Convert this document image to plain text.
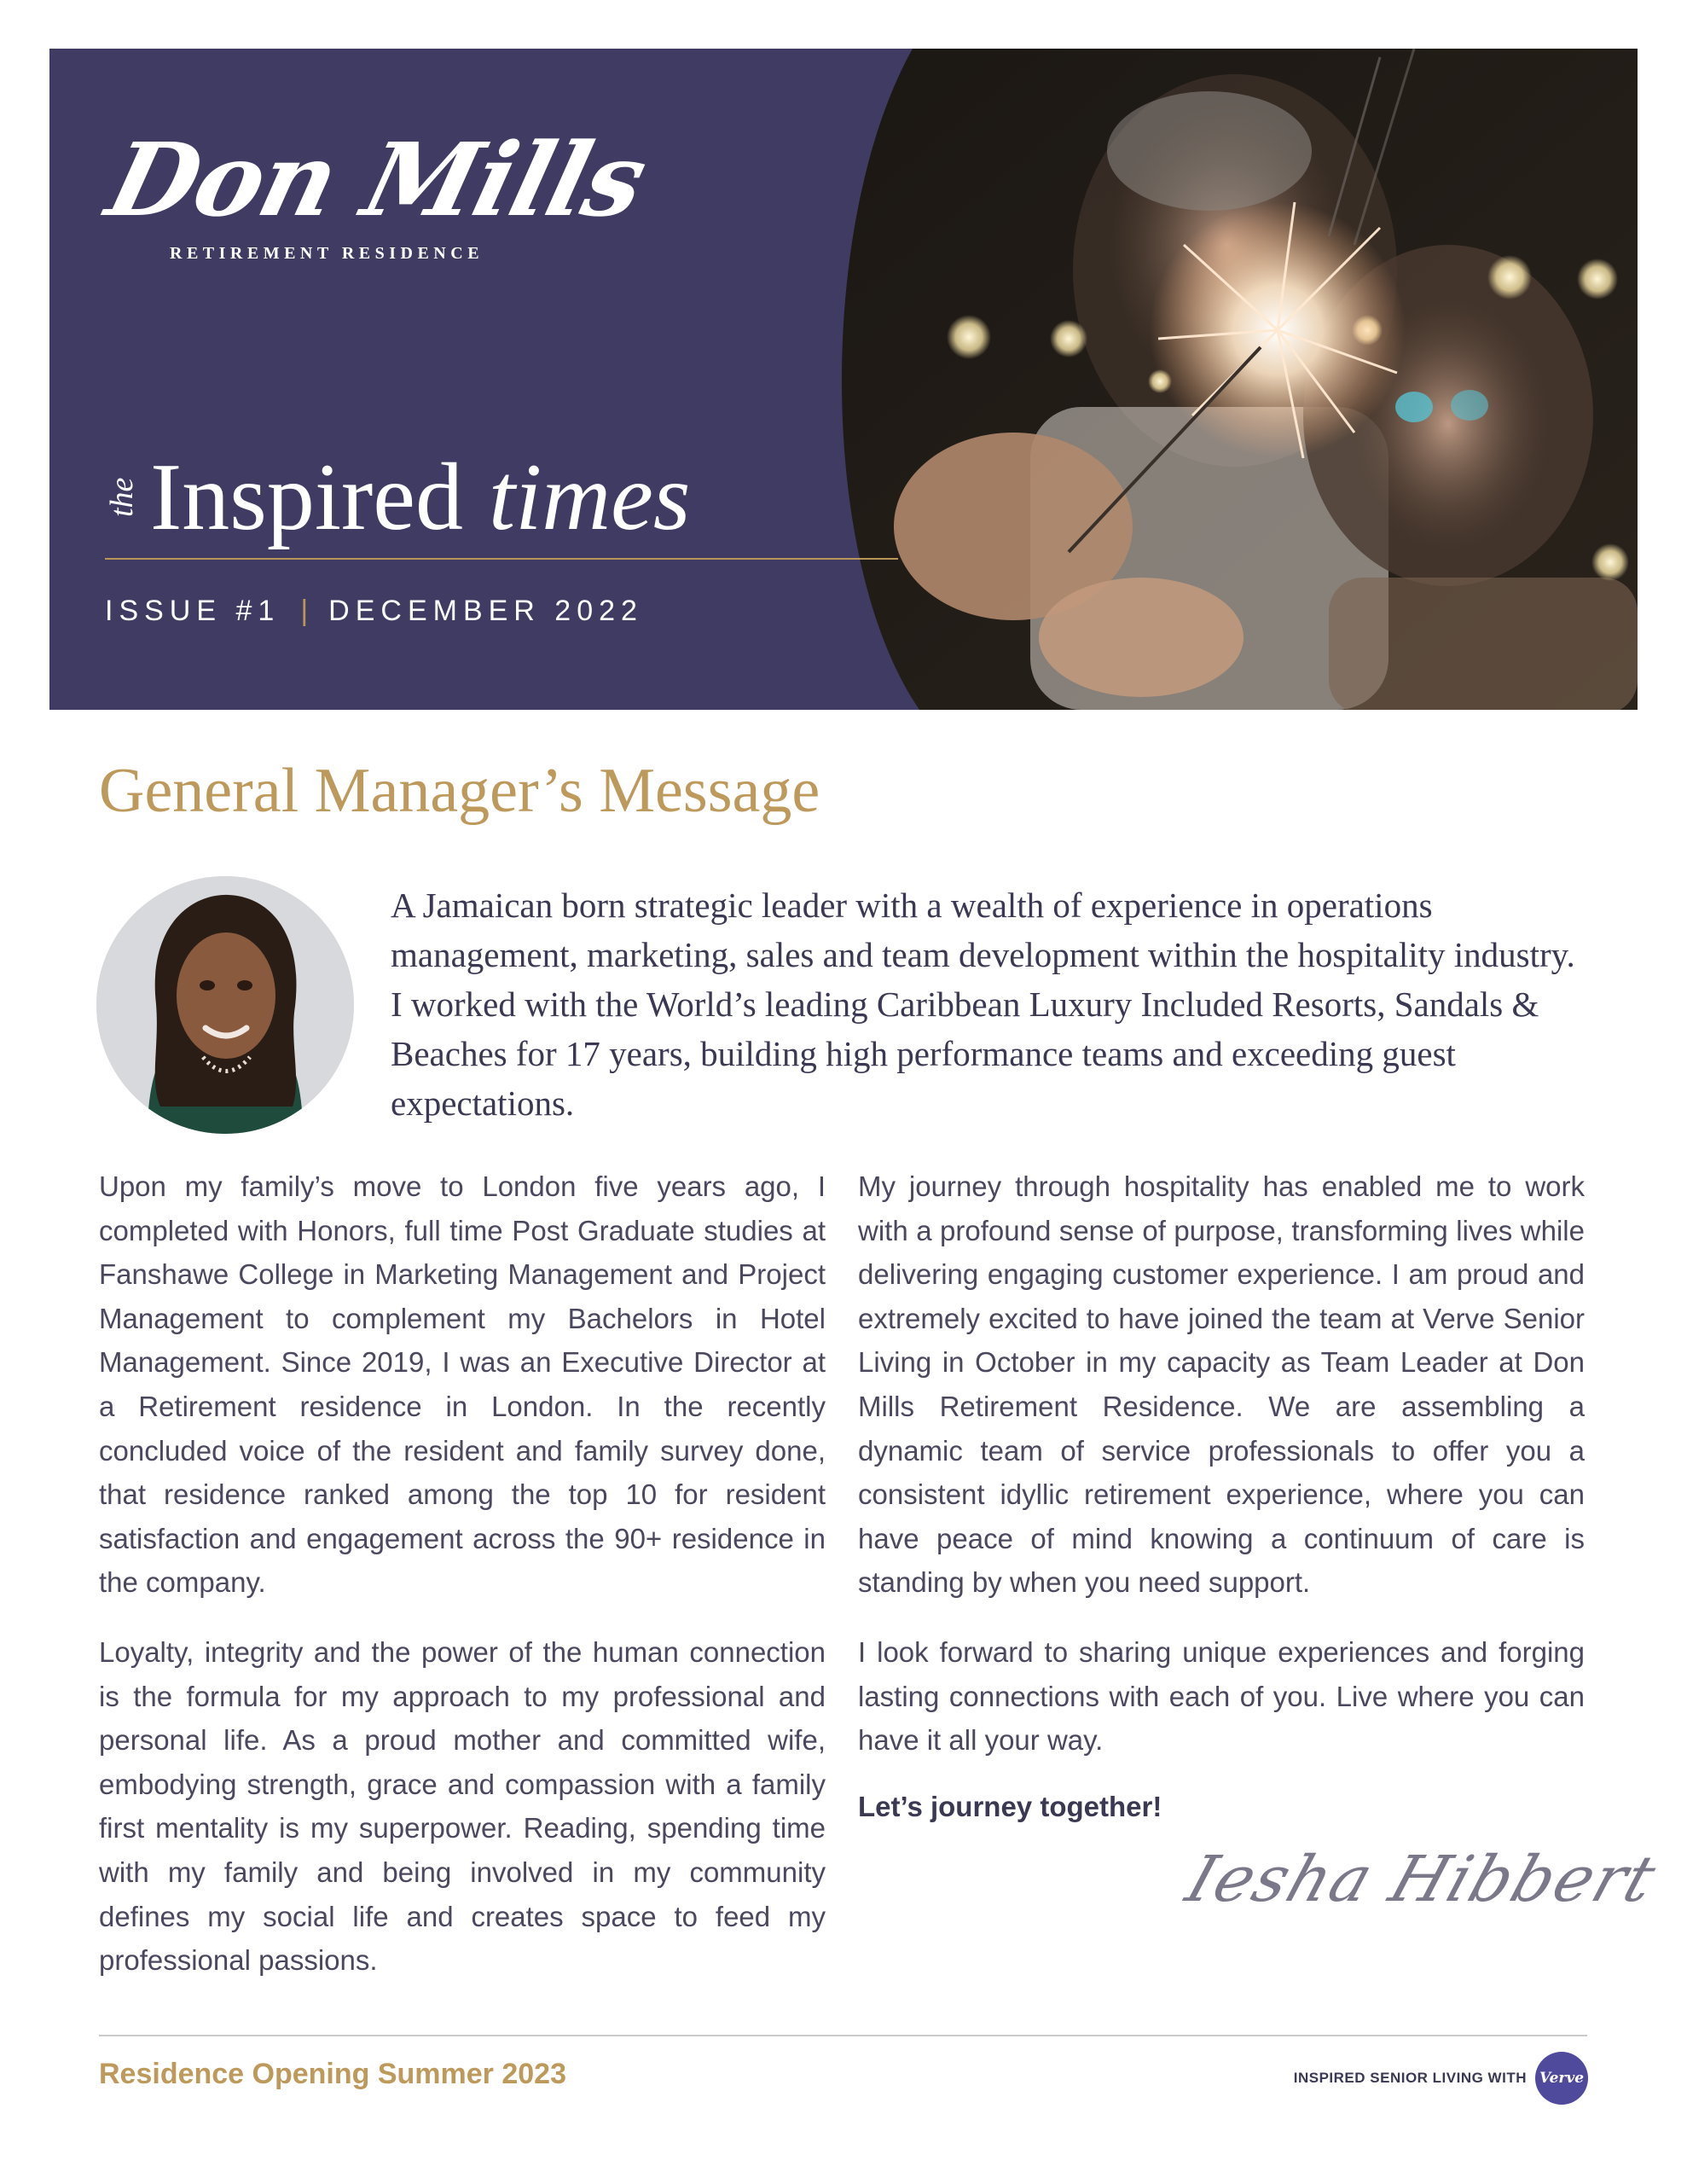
Don Mills
RETIREMENT RESIDENCE
the Inspired times
ISSUE #1 | DECEMBER 2022
General Manager’s Message
A Jamaican born strategic leader with a wealth of experience in operations management, marketing, sales and team development within the hospitality industry. I worked with the World’s leading Caribbean Luxury Included Resorts, Sandals & Beaches for 17 years, building high performance teams and exceeding guest expectations.

Upon my family’s move to London five years ago, I completed with Honors, full time Post Graduate studies at Fanshawe College in Marketing Management and Project Management to complement my Bachelors in Hotel Management. Since 2019, I was an Executive Director at a Retirement residence in London. In the recently concluded voice of the resident and family survey done, that residence ranked among the top 10 for resident satisfaction and engagement across the 90+ residence in the company.

Loyalty, integrity and the power of the human connection is the formula for my approach to my professional and personal life. As a proud mother and committed wife, embodying strength, grace and compassion with a family first mentality is my superpower. Reading, spending time with my family and being involved in my community defines my social life and creates space to feed my professional passions.

My journey through hospitality has enabled me to work with a profound sense of purpose, transforming lives while delivering engaging customer experience. I am proud and extremely excited to have joined the team at Verve Senior Living in October in my capacity as Team Leader at Don Mills Retirement Residence. We are assembling a dynamic team of service professionals to offer you a consistent idyllic retirement experience, where you can have peace of mind knowing a continuum of care is standing by when you need support.

I look forward to sharing unique experiences and forging lasting connections with each of you. Live where you can have it all your way.

Let’s journey together!

Iesha Hibbert
Residence Opening Summer 2023	INSPIRED SENIOR LIVING WITH Verve
